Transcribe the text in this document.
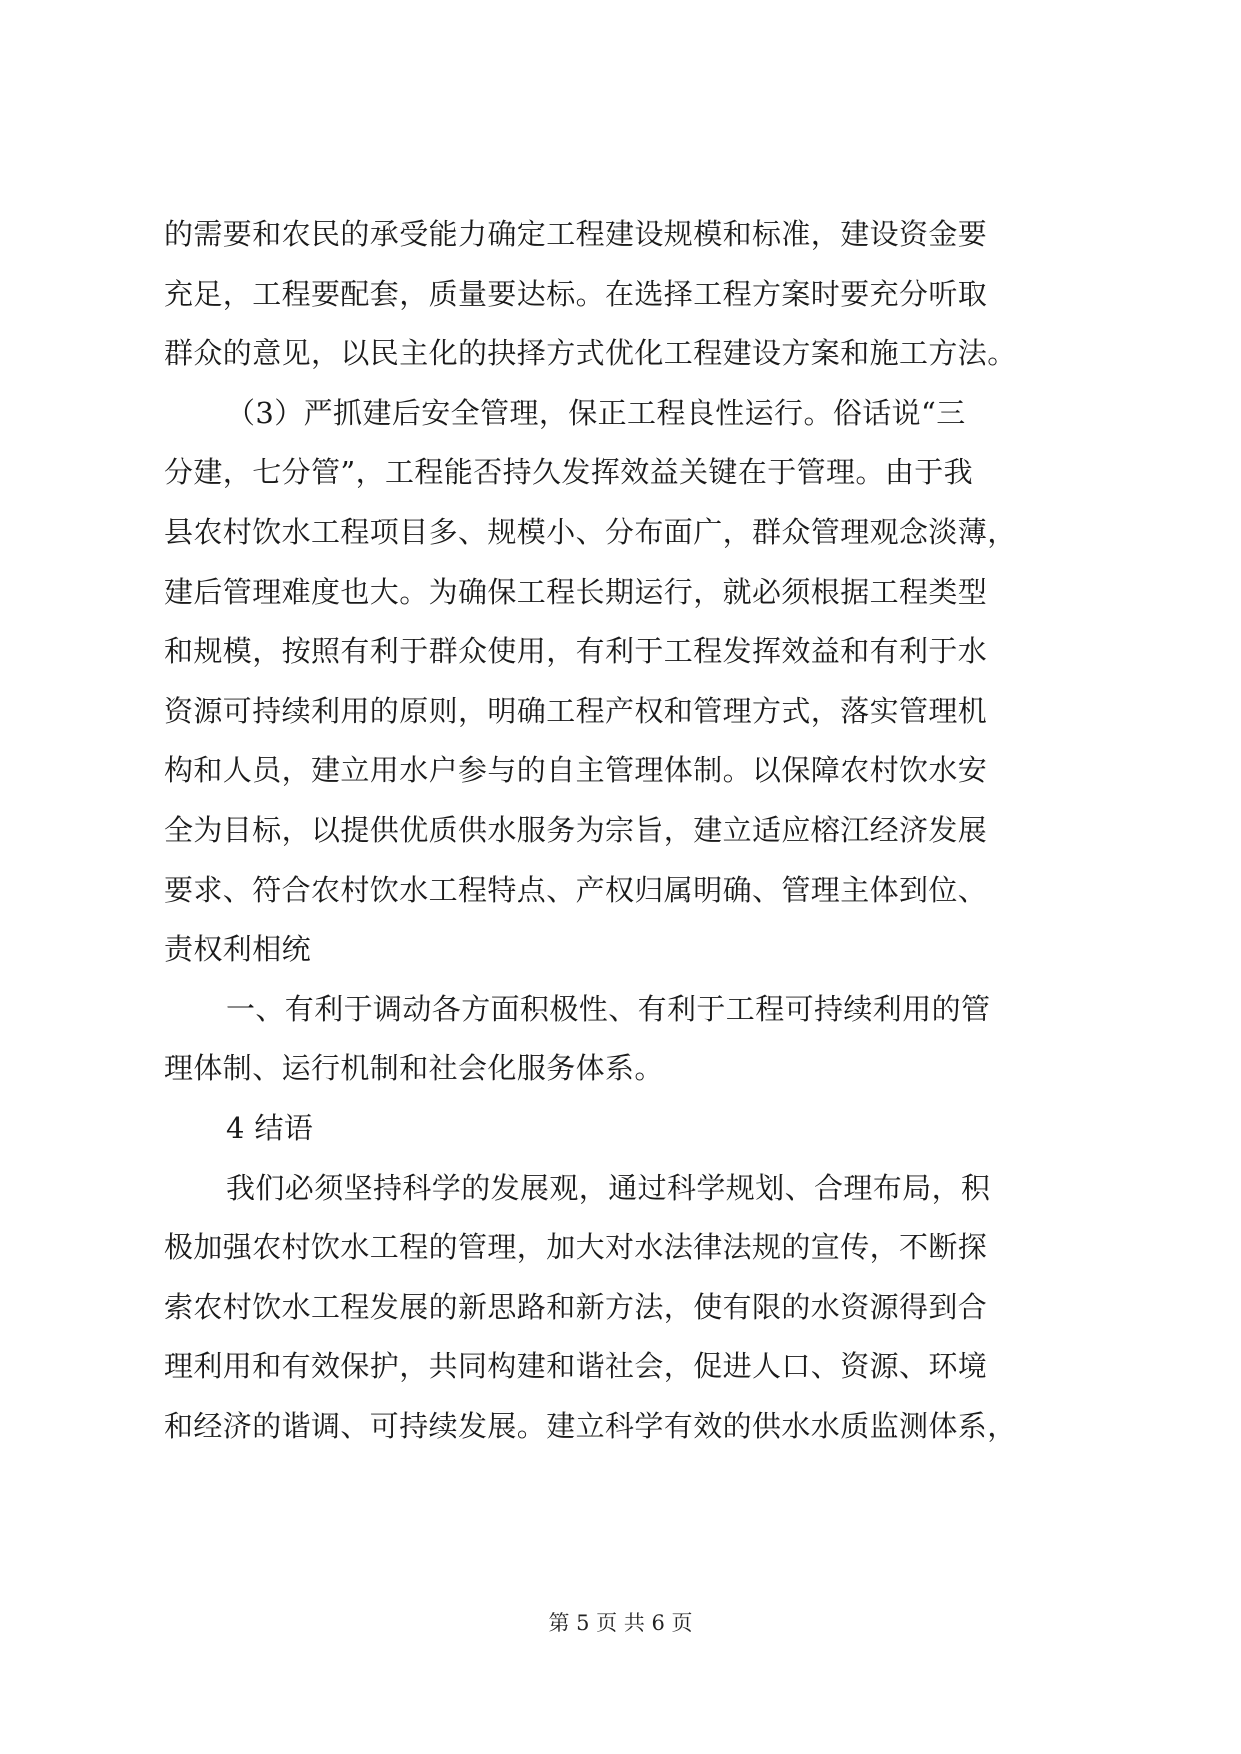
的需要和农民的承受能力确定工程建设规模和标准，建设资金要
充足，工程要配套，质量要达标。在选择工程方案时要充分听取
群众的意见，以民主化的抉择方式优化工程建设方案和施工方法。
（3）严抓建后安全管理，保正工程良性运行。俗话说“三
分建，七分管”，工程能否持久发挥效益关键在于管理。由于我
县农村饮水工程项目多、规模小、分布面广，群众管理观念淡薄，
建后管理难度也大。为确保工程长期运行，就必须根据工程类型
和规模，按照有利于群众使用，有利于工程发挥效益和有利于水
资源可持续利用的原则，明确工程产权和管理方式，落实管理机
构和人员，建立用水户参与的自主管理体制。以保障农村饮水安
全为目标，以提供优质供水服务为宗旨，建立适应榕江经济发展
要求、符合农村饮水工程特点、产权归属明确、管理主体到位、
责权利相统
一、有利于调动各方面积极性、有利于工程可持续利用的管
理体制、运行机制和社会化服务体系。
4 结语
我们必须坚持科学的发展观，通过科学规划、合理布局，积
极加强农村饮水工程的管理，加大对水法律法规的宣传，不断探
索农村饮水工程发展的新思路和新方法，使有限的水资源得到合
理利用和有效保护，共同构建和谐社会，促进人口、资源、环境
和经济的谐调、可持续发展。建立科学有效的供水水质监测体系，
第 5 页 共 6 页
